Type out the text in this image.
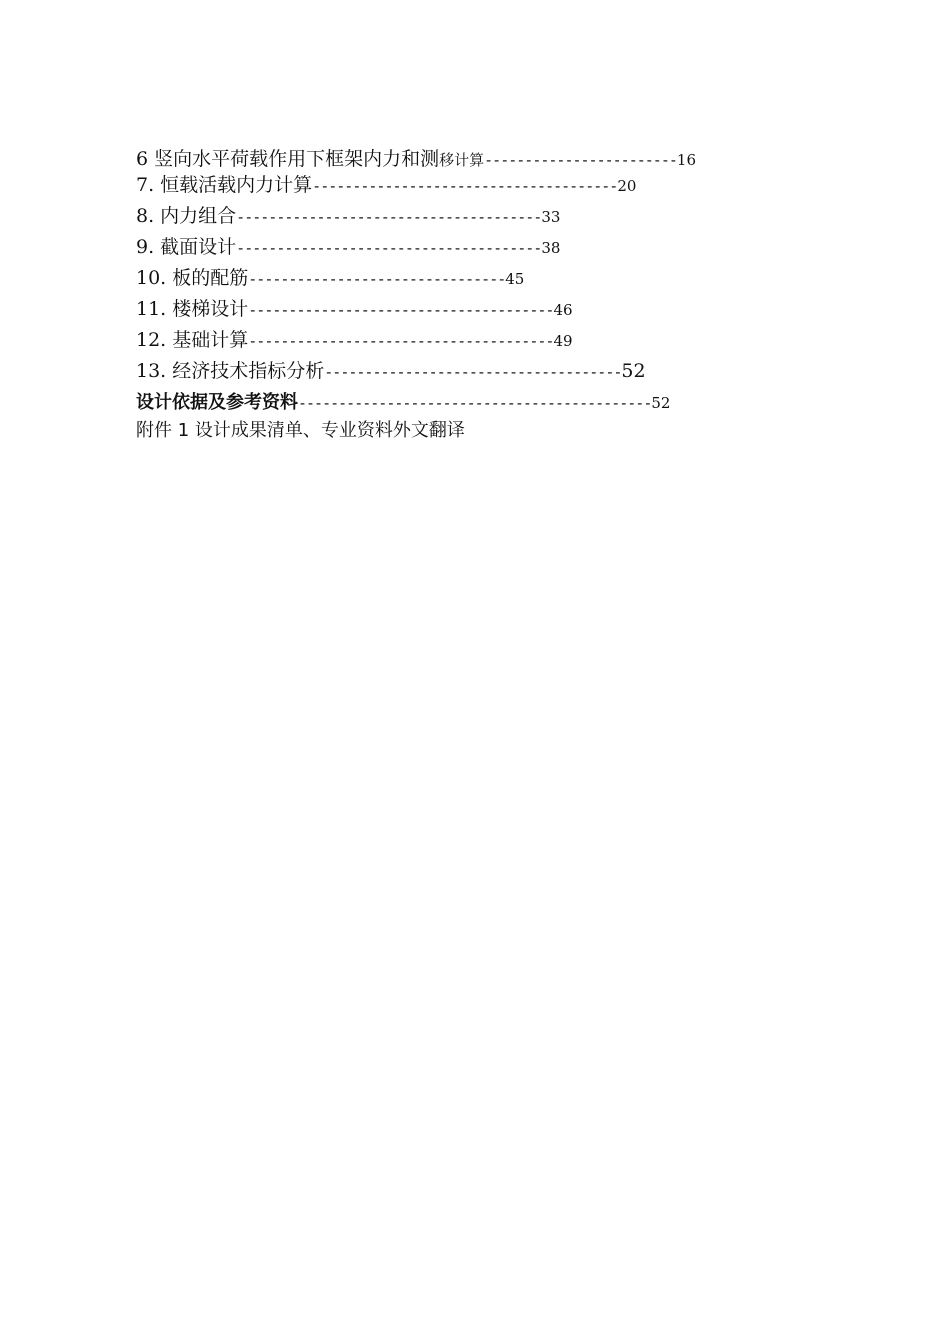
6 竖向水平荷载作用下框架内力和测移计算------------------------16
7. 恒载活载内力计算--------------------------------------20
8. 内力组合--------------------------------------33
9. 截面设计--------------------------------------38
10. 板的配筋--------------------------------45
11. 楼梯设计--------------------------------------46
12. 基础计算--------------------------------------49
13. 经济技术指标分析-------------------------------------52
设计依据及参考资料--------------------------------------------52
附件 1 设计成果清单、专业资料外文翻译
